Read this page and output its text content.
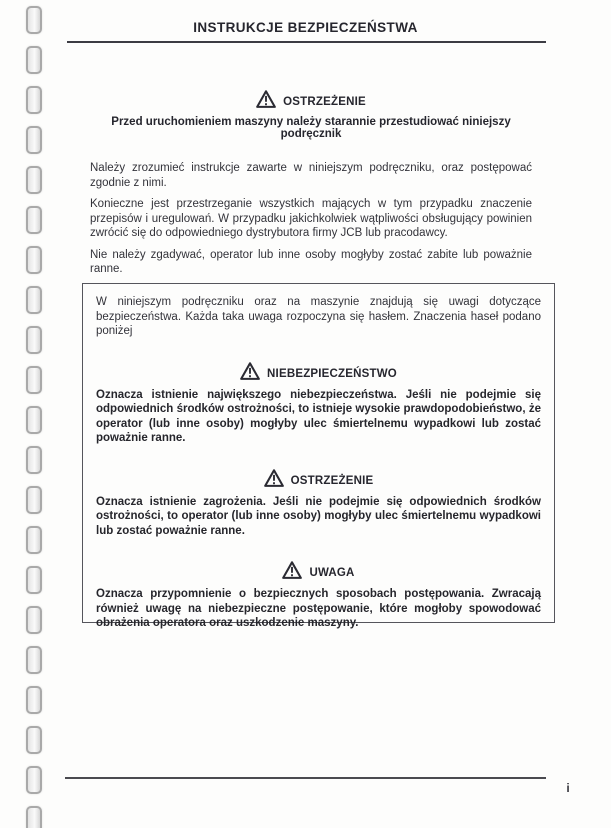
INSTRUKCJE BEZPIECZEŃSTWA
OSTRZEŻENIE

Przed uruchomieniem maszyny należy starannie przestudiować niniejszy podręcznik

Należy zrozumieć instrukcje zawarte w niniejszym podręczniku, oraz postępować zgodnie z nimi.

Konieczne jest przestrzeganie wszystkich mających w tym przypadku znaczenie przepisów i uregulowań. W przypadku jakichkolwiek wątpliwości obsługujący powinien zwrócić się do odpowiedniego dystrybutora firmy JCB lub pracodawcy.

Nie należy zgadywać, operator lub inne osoby mogłyby zostać zabite lub poważnie ranne.

W niniejszym podręczniku oraz na maszynie znajdują się uwagi dotyczące bezpieczeństwa. Każda taka uwaga rozpoczyna się hasłem. Znaczenia haseł podano poniżej

NIEBEZPIECZEŃSTWO

Oznacza istnienie największego niebezpieczeństwa. Jeśli nie podejmie się odpowiednich środków ostrożności, to istnieje wysokie prawdopodobieństwo, że operator (lub inne osoby) mogłyby ulec śmiertelnemu wypadkowi lub zostać poważnie ranne.

OSTRZEŻENIE

Oznacza istnienie zagrożenia. Jeśli nie podejmie się odpowiednich środków ostrożności, to operator (lub inne osoby) mogłyby ulec śmiertelnemu wypadkowi lub zostać poważnie ranne.

UWAGA

Oznacza przypomnienie o bezpiecznych sposobach postępowania. Zwracają również uwagę na niebezpieczne postępowanie, które mogłoby spowodować obrażenia operatora oraz uszkodzenie maszyny.

i
